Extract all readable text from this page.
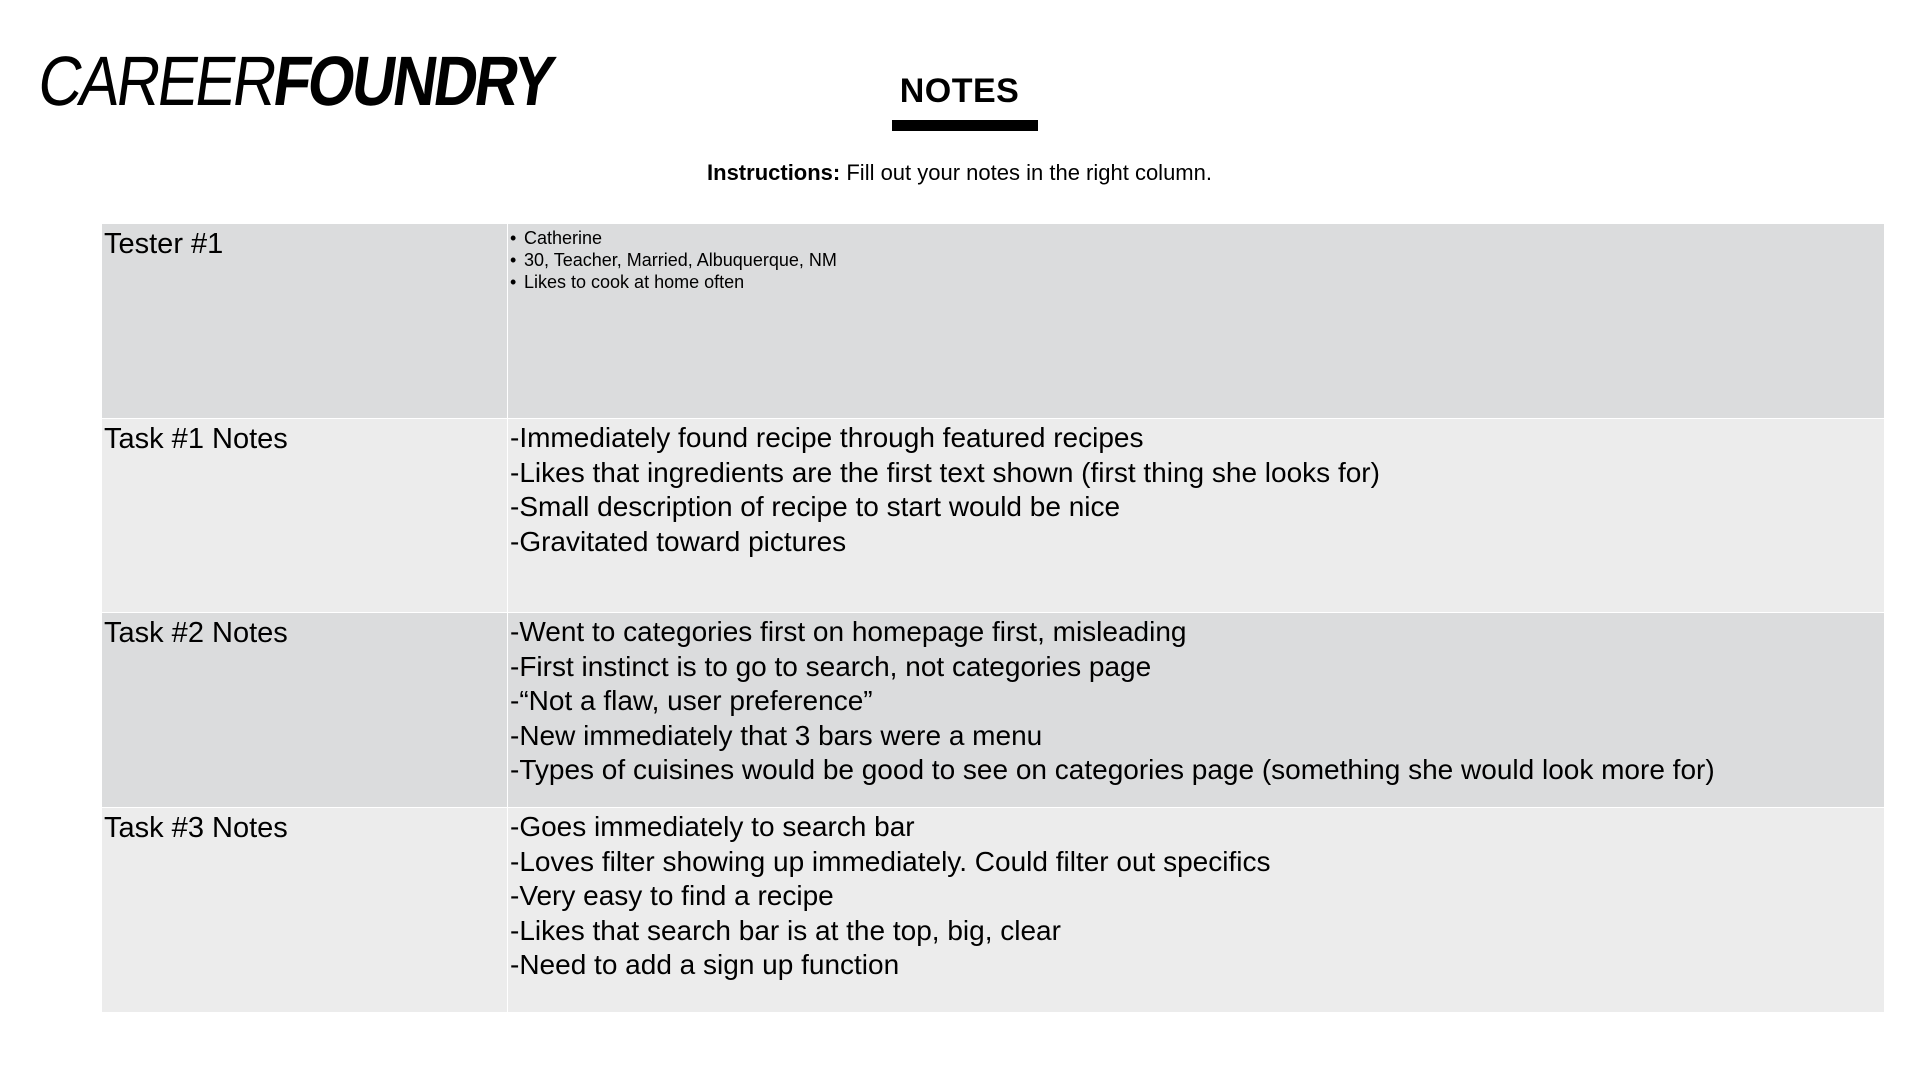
CAREERFOUNDRY	NOTES
Instructions: Fill out your notes in the right column.
Tester #1
•	Catherine
• 30, Teacher, Married, Albuquerque, NM
• Likes to cook at home often
Task #1 Notes	-Immediately found recipe through featured recipes
-Likes that ingredients are the first text shown (first thing she looks for)
-Small description of recipe to start would be nice
-Gravitated toward pictures
Task #2 Notes	-Went to categories first on homepage first, misleading
-First instinct is to go to search, not categories page
-“Not a flaw, user preference”
-New immediately that 3 bars were a menu
-Types of cuisines would be good to see on categories page (something she would look more for)
Task #3 Notes	-Goes immediately to search bar
-Loves filter showing up immediately. Could filter out specifics
-Very easy to find a recipe
-Likes that search bar is at the top, big, clear
-Need to add a sign up function
